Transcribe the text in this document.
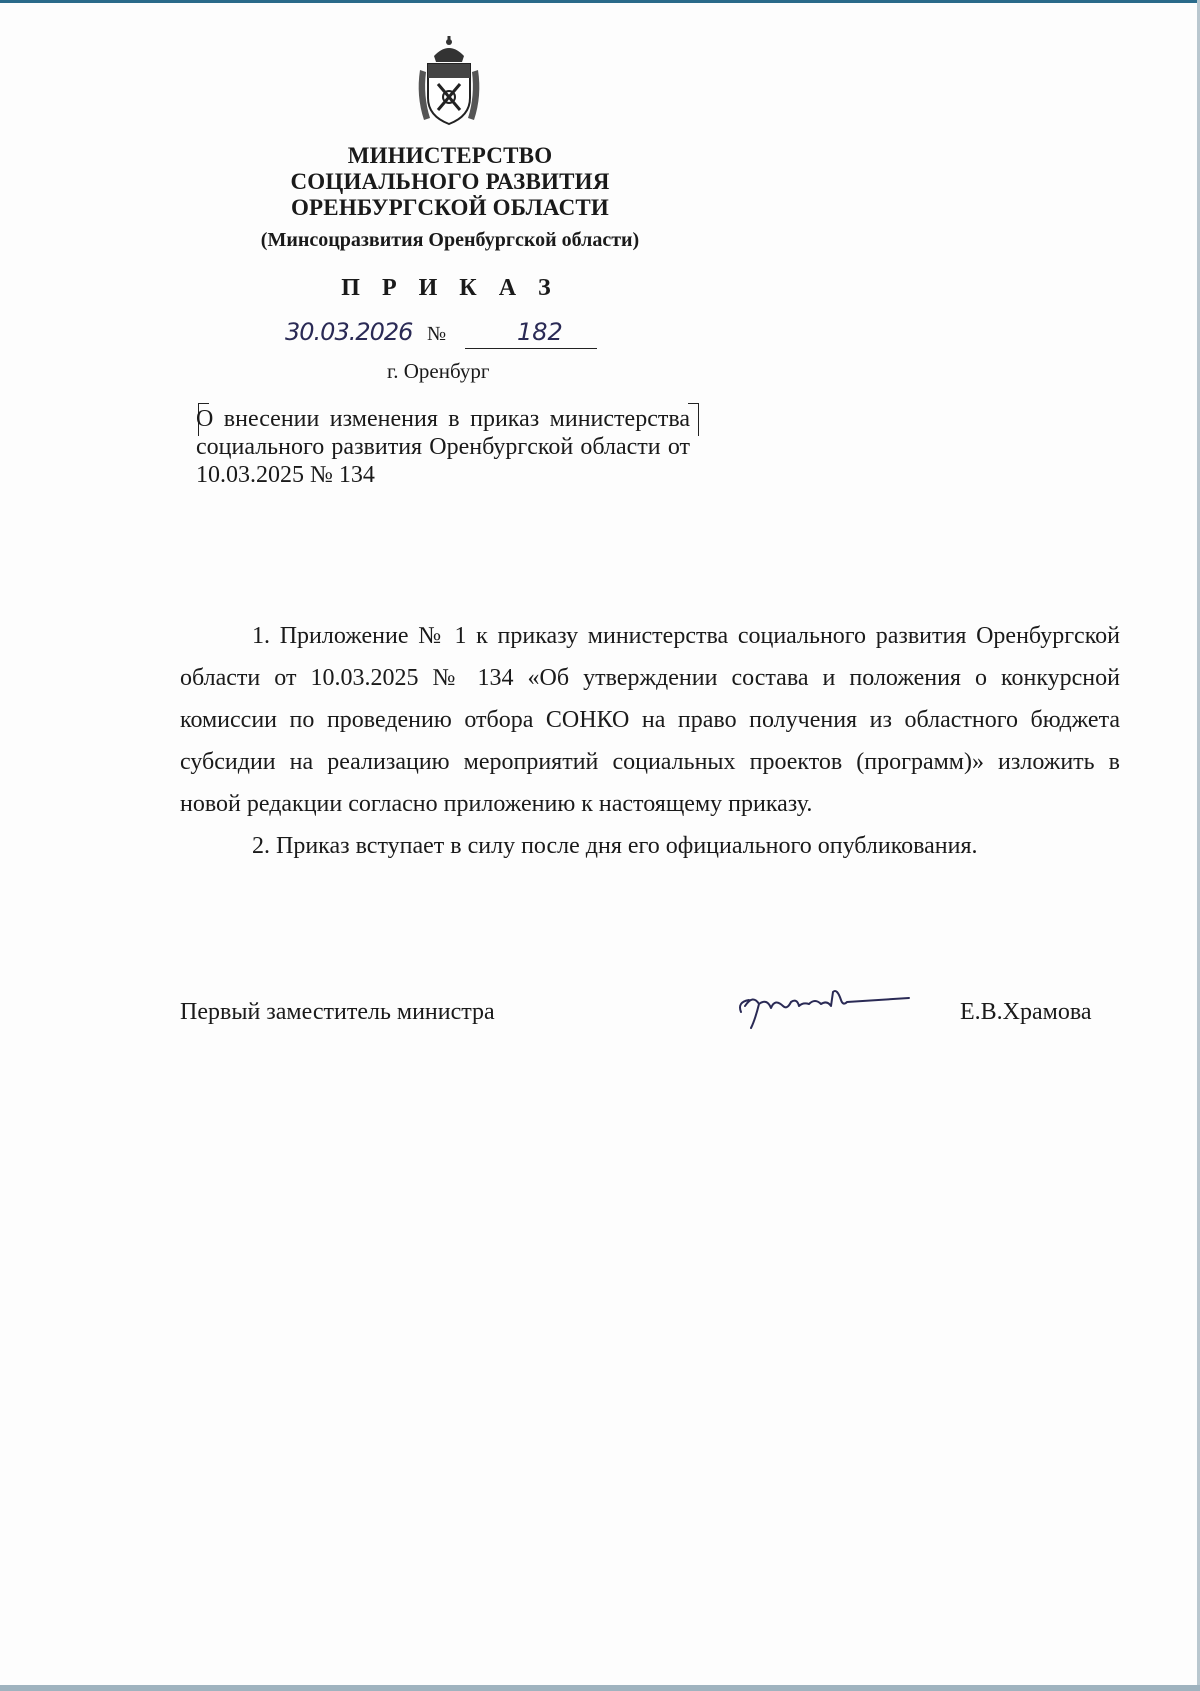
МИНИСТЕРСТВО
СОЦИАЛЬНОГО РАЗВИТИЯ
ОРЕНБУРГСКОЙ ОБЛАСТИ
(Минсоцразвития Оренбургской области)
П Р И К А З
30.03.2026 №	182
г. Оренбург
О внесении изменения в приказ министерства социального развития Оренбургской области от 10.03.2025 № 134

1. Приложение № 1 к приказу министерства социального развития Оренбургской области от 10.03.2025 № 134 «Об утверждении состава и положения о конкурсной комиссии по проведению отбора СОНКО на право получения из областного бюджета субсидии на реализацию мероприятий социальных проектов (программ)» изложить в новой редакции согласно приложению к настоящему приказу.

2. Приказ вступает в силу после дня его официального опубликования.

Первый заместитель министра	Е.В.Храмова
